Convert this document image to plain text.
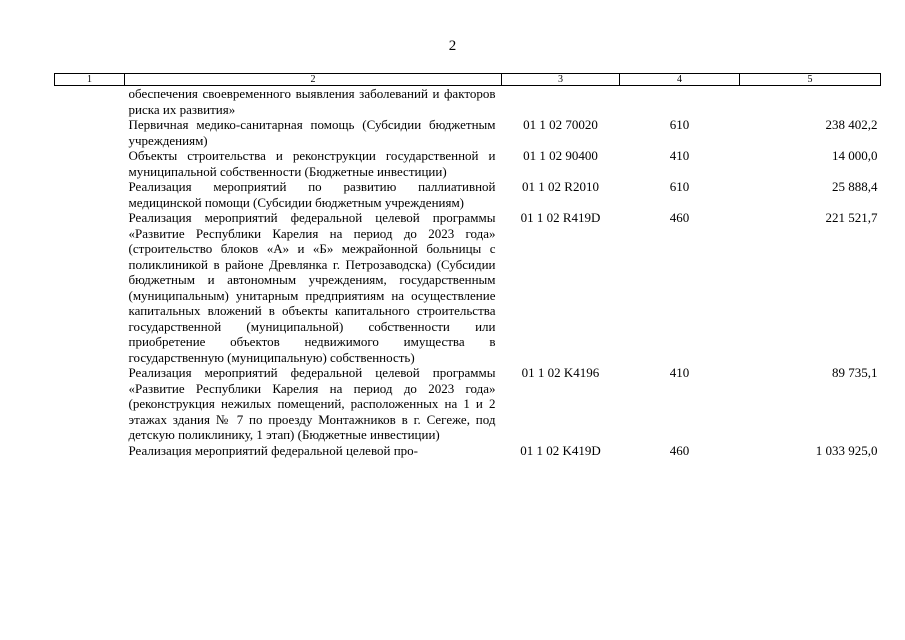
2
1	2	3	4	5
	обеспечения своевременного выявления заболеваний и факторов риска их развития»			
	Первичная медико-санитарная помощь (Субсидии бюджетным учреждениям)	01 1 02 70020	610	238 402,2
	Объекты строительства и реконструкции государственной и муниципальной собственности (Бюджетные инвестиции)	01 1 02 90400	410	14 000,0
	Реализация мероприятий по развитию паллиативной медицинской помощи (Субсидии бюджетным учреждениям)	01 1 02 R2010	610	25 888,4
	Реализация мероприятий федеральной целевой программы «Развитие Республики Карелия на период до 2023 года» (строительство блоков «А» и «Б» межрайонной больницы с поликлиникой в районе Древлянка г. Петрозаводска) (Субсидии бюджетным и автономным учреждениям, государственным (муниципальным) унитарным предприятиям на осуществление капитальных вложений в объекты капитального строительства государственной (муниципальной) собственности или приобретение объектов недвижимого имущества в государственную (муниципальную) собственность)	01 1 02 R419D	460	221 521,7
	Реализация мероприятий федеральной целевой программы «Развитие Республики Карелия на период до 2023 года» (реконструкция нежилых помещений, расположенных на 1 и 2 этажах здания № 7 по проезду Монтажников в г. Сегеже, под детскую поликлинику, 1 этап) (Бюджетные инвестиции)	01 1 02 K4196	410	89 735,1
	Реализация мероприятий федеральной целевой про-	01 1 02 K419D	460	1 033 925,0
